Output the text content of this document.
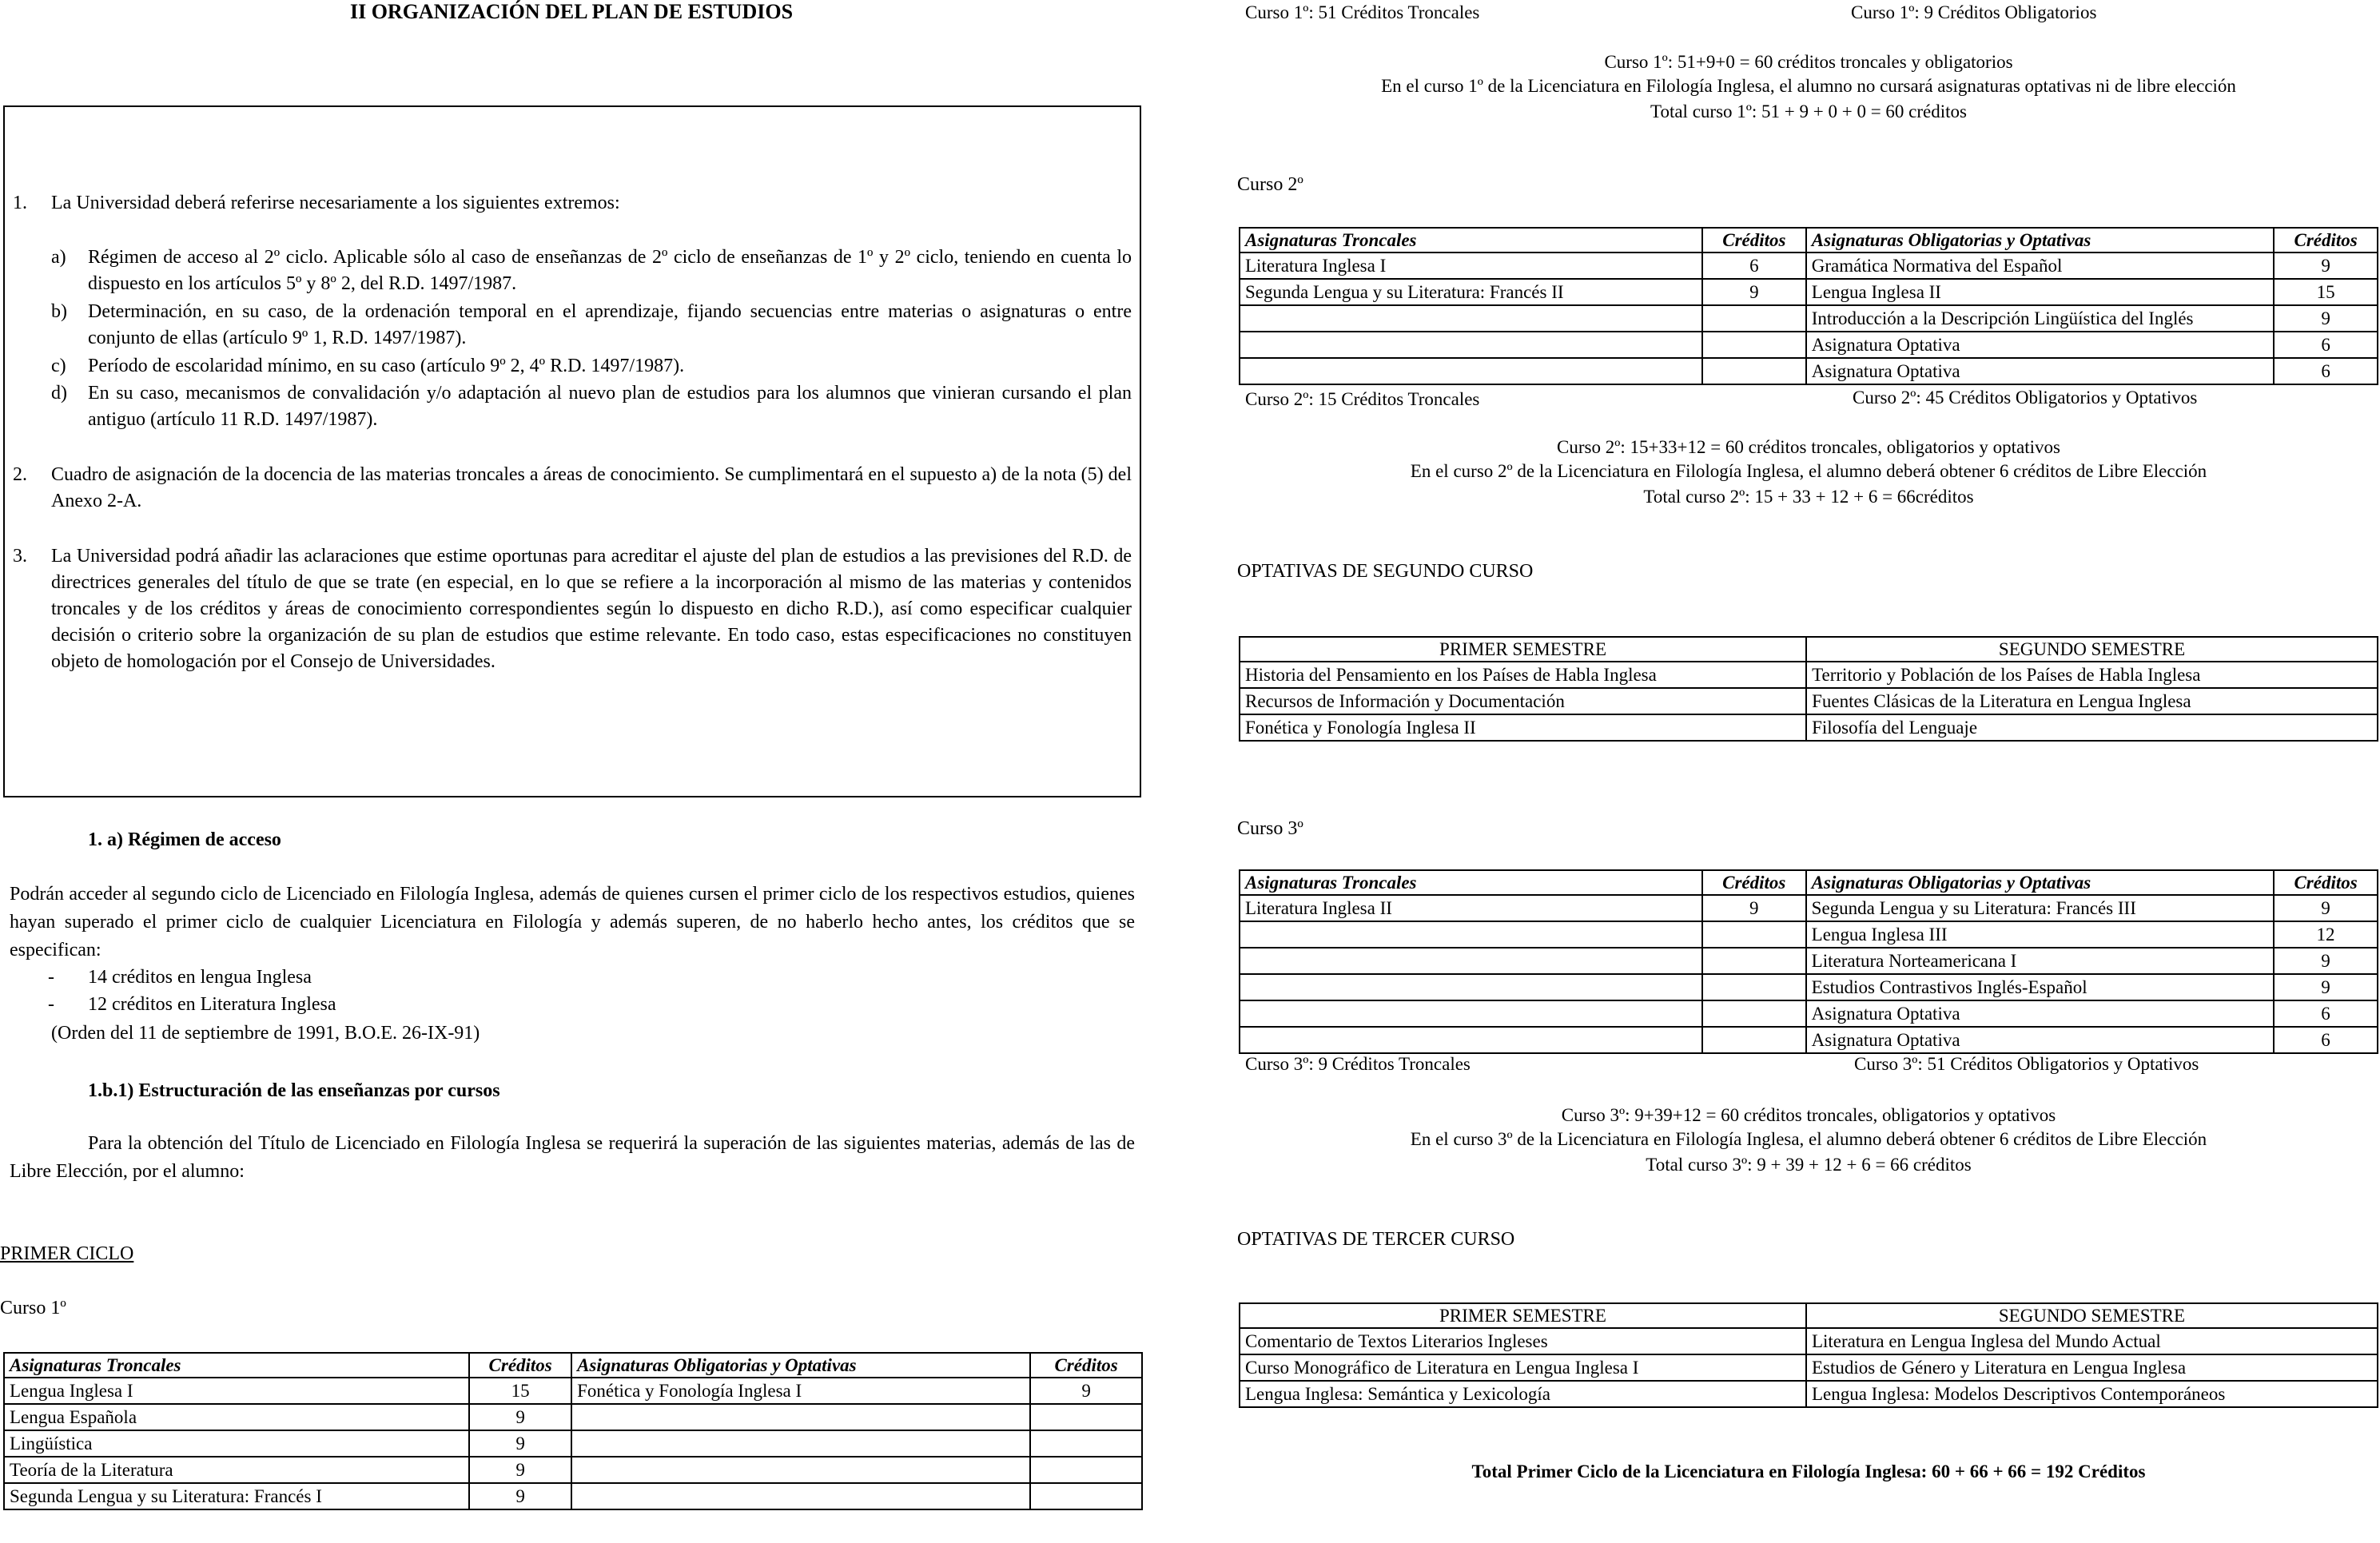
II ORGANIZACIÓN DEL PLAN DE ESTUDIOS
1. La Universidad deberá referirse necesariamente a los siguientes extremos:
a) Régimen de acceso al 2º ciclo. Aplicable sólo al caso de enseñanzas de 2º ciclo de enseñanzas de 1º y 2º ciclo, teniendo en cuenta lo dispuesto en los artículos 5º y 8º 2, del R.D. 1497/1987.
b) Determinación, en su caso, de la ordenación temporal en el aprendizaje, fijando secuencias entre materias o asignaturas o entre conjunto de ellas (artículo 9º 1, R.D. 1497/1987).
c) Período de escolaridad mínimo, en su caso (artículo 9º 2, 4º R.D. 1497/1987).
d) En su caso, mecanismos de convalidación y/o adaptación al nuevo plan de estudios para los alumnos que vinieran cursando el plan antiguo (artículo 11 R.D. 1497/1987).
2. Cuadro de asignación de la docencia de las materias troncales a áreas de conocimiento. Se cumplimentará en el supuesto a) de la nota (5) del Anexo 2-A.
3. La Universidad podrá añadir las aclaraciones que estime oportunas para acreditar el ajuste del plan de estudios a las previsiones del R.D. de directrices generales del título de que se trate (en especial, en lo que se refiere a la incorporación al mismo de las materias y contenidos troncales y de los créditos y áreas de conocimiento correspondientes según lo dispuesto en dicho R.D.), así como especificar cualquier decisión o criterio sobre la organización de su plan de estudios que estime relevante. En todo caso, estas especificaciones no constituyen objeto de homologación por el Consejo de Universidades.
1. a) Régimen de acceso
Podrán acceder al segundo ciclo de Licenciado en Filología Inglesa, además de quienes cursen el primer ciclo de los respectivos estudios, quienes hayan superado el primer ciclo de cualquier Licenciatura en Filología y además superen, de no haberlo hecho antes, los créditos que se especifican:
- 14 créditos en lengua Inglesa
- 12 créditos en Literatura Inglesa
(Orden del 11 de septiembre de 1991, B.O.E. 26-IX-91)
1.b.1) Estructuración de las enseñanzas por cursos
Para la obtención del Título de Licenciado en Filología Inglesa se requerirá la superación de las siguientes materias, además de las de Libre Elección, por el alumno:
PRIMER CICLO
Curso 1º
Asignaturas Troncales	Créditos	Asignaturas Obligatorias y Optativas	Créditos
Lengua Inglesa I	15	Fonética y Fonología Inglesa I	9
Lengua Española	9		
Lingüística	9		
Teoría de la Literatura	9		
Segunda Lengua y su Literatura: Francés I	9		
Curso 1º: 51 Créditos Troncales	Curso 1º: 9 Créditos Obligatorios
Curso 1º: 51+9+0 = 60 créditos troncales y obligatorios
En el curso 1º de la Licenciatura en Filología Inglesa, el alumno no cursará asignaturas optativas ni de libre elección
Total curso 1º: 51 + 9 + 0 + 0 = 60 créditos
Curso 2º
Asignaturas Troncales	Créditos	Asignaturas Obligatorias y Optativas	Créditos
Literatura Inglesa I	6	Gramática Normativa del Español	9
Segunda Lengua y su Literatura: Francés II	9	Lengua Inglesa II	15
		Introducción a la Descripción Lingüística del Inglés	9
		Asignatura Optativa	6
		Asignatura Optativa	6
Curso 2º: 15 Créditos Troncales	Curso 2º: 45 Créditos Obligatorios y Optativos
Curso 2º: 15+33+12 = 60 créditos troncales, obligatorios y optativos
En el curso 2º de la Licenciatura en Filología Inglesa, el alumno deberá obtener 6 créditos de Libre Elección
Total curso 2º: 15 + 33 + 12 + 6 = 66créditos
OPTATIVAS DE SEGUNDO CURSO
PRIMER SEMESTRE	SEGUNDO SEMESTRE
Historia del Pensamiento en los Países de Habla Inglesa	Territorio y Población de los Países de Habla Inglesa
Recursos de Información y Documentación	Fuentes Clásicas de la Literatura en Lengua Inglesa
Fonética y Fonología Inglesa II	Filosofía del Lenguaje
Curso 3º
Asignaturas Troncales	Créditos	Asignaturas Obligatorias y Optativas	Créditos
Literatura Inglesa II	9	Segunda Lengua y su Literatura: Francés III	9
		Lengua Inglesa III	12
		Literatura Norteamericana I	9
		Estudios Contrastivos Inglés-Español	9
		Asignatura Optativa	6
		Asignatura Optativa	6
Curso 3º: 9 Créditos Troncales	Curso 3º: 51 Créditos Obligatorios y Optativos
Curso 3º: 9+39+12 = 60 créditos troncales, obligatorios y optativos
En el curso 3º de la Licenciatura en Filología Inglesa, el alumno deberá obtener 6 créditos de Libre Elección
Total curso 3º: 9 + 39 + 12 + 6 = 66 créditos
OPTATIVAS DE TERCER CURSO
PRIMER SEMESTRE	SEGUNDO SEMESTRE
Comentario de Textos Literarios Ingleses	Literatura en Lengua Inglesa del Mundo Actual
Curso Monográfico de Literatura en Lengua Inglesa I	Estudios de Género y Literatura en Lengua Inglesa
Lengua Inglesa: Semántica y Lexicología	Lengua Inglesa: Modelos Descriptivos Contemporáneos
Total Primer Ciclo de la Licenciatura en Filología Inglesa: 60 + 66 + 66 = 192 Créditos
